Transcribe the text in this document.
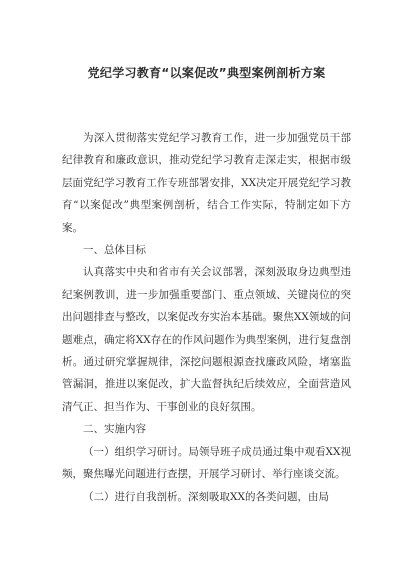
党纪学习教育“以案促改”典型案例剖析方案

为深入贯彻落实党纪学习教育工作，进一步加强党员干部纪律教育和廉政意识，推动党纪学习教育走深走实，根据市级层面党纪学习教育工作专班部署安排，XX决定开展党纪学习教育“以案促改”典型案例剖析，结合工作实际，特制定如下方案。

一、总体目标

认真落实中央和省市有关会议部署，深刻汲取身边典型违纪案例教训，进一步加强重要部门、重点领域、关键岗位的突出问题排查与整改，以案促改夯实治本基础。聚焦XX领域的问题难点，确定将XX存在的作风问题作为典型案例，进行复盘剖析。通过研究掌握规律，深挖问题根源查找廉政风险，堵塞监管漏洞，推进以案促改，扩大监督执纪后续效应，全面营造风清气正、担当作为、干事创业的良好氛围。

二、实施内容

（一）组织学习研讨。局领导班子成员通过集中观看XX视频，聚焦曝光问题进行查摆，开展学习研讨、举行座谈交流。

（二）进行自我剖析。深刻吸取XX的各类问题，由局
